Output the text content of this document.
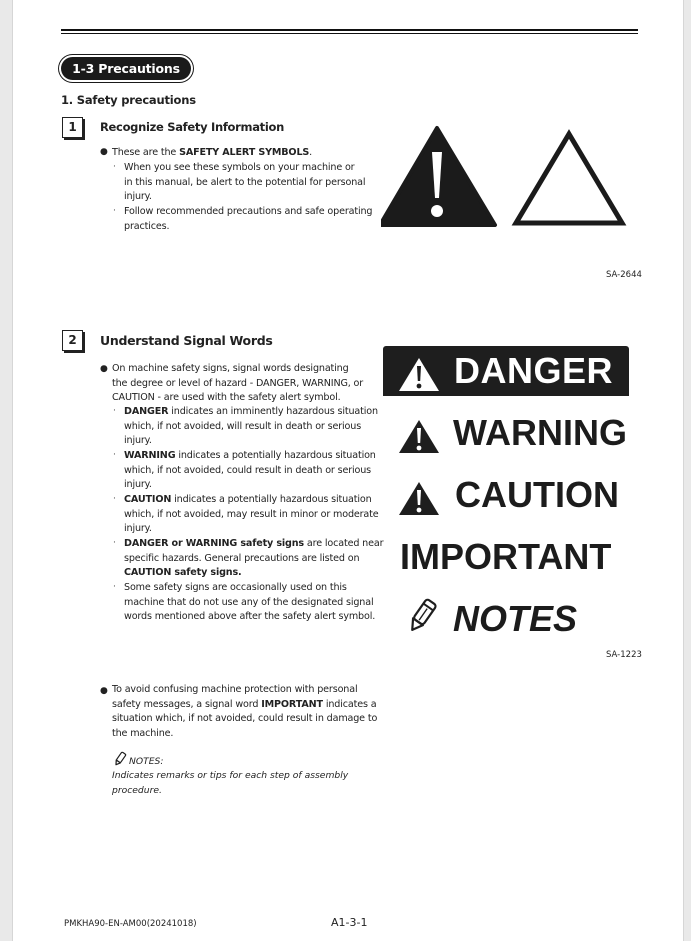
1-3 Precautions
1. Safety precautions
1	Recognize Safety Information
● These are the SAFETY ALERT SYMBOLS.
· When you see these symbols on your machine or
in this manual, be alert to the potential for personal
injury.
· Follow recommended precautions and safe operating
practices.
SA-2644
2	Understand Signal Words
● On machine safety signs, signal words designating
the degree or level of hazard - DANGER, WARNING, or
CAUTION - are used with the safety alert symbol.
· DANGER indicates an imminently hazardous situation
which, if not avoided, will result in death or serious
injury.
· WARNING indicates a potentially hazardous situation
which, if not avoided, could result in death or serious
injury.
· CAUTION indicates a potentially hazardous situation
which, if not avoided, may result in minor or moderate
injury.
· DANGER or WARNING safety signs are located near
specific hazards. General precautions are listed on
CAUTION safety signs.
· Some safety signs are occasionally used on this
machine that do not use any of the designated signal
words mentioned above after the safety alert symbol.
DANGER
WARNING
CAUTION
IMPORTANT
NOTES
SA-1223
● To avoid confusing machine protection with personal
safety messages, a signal word IMPORTANT indicates a
situation which, if not avoided, could result in damage to
the machine.
NOTES:
Indicates remarks or tips for each step of assembly
procedure.
PMKHA90-EN-AM00(20241018)	A1-3-1
